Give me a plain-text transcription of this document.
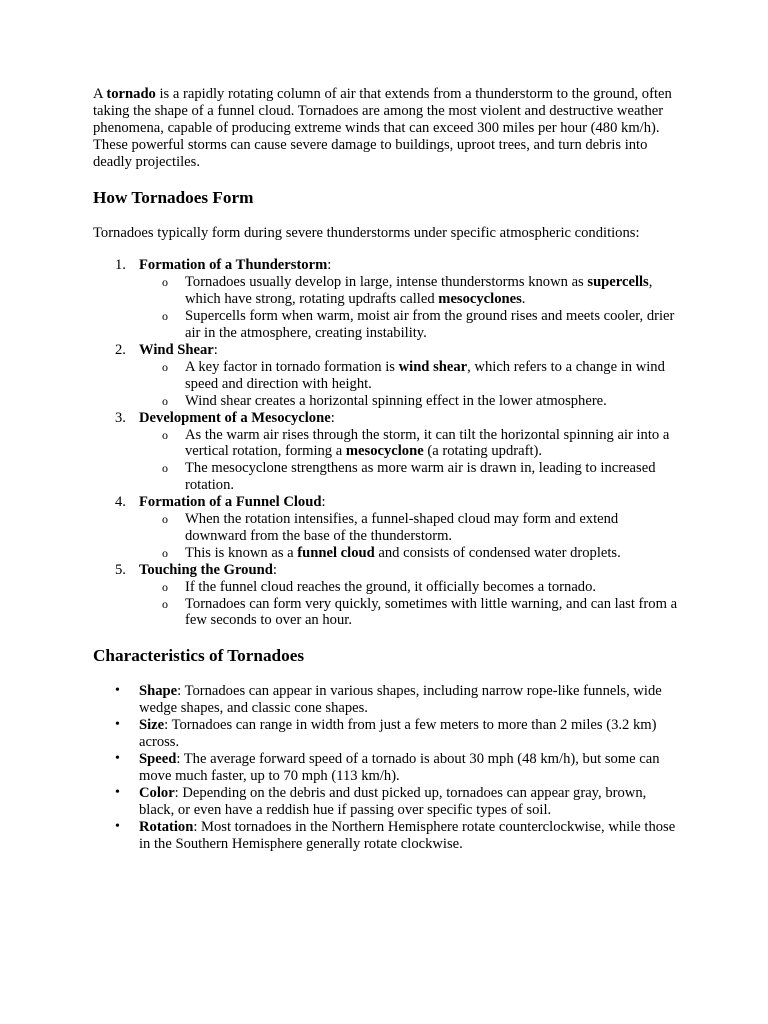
A tornado is a rapidly rotating column of air that extends from a thunderstorm to the ground, often taking the shape of a funnel cloud. Tornadoes are among the most violent and destructive weather phenomena, capable of producing extreme winds that can exceed 300 miles per hour (480 km/h). These powerful storms can cause severe damage to buildings, uproot trees, and turn debris into deadly projectiles.

How Tornadoes Form

Tornadoes typically form during severe thunderstorms under specific atmospheric conditions:

1. Formation of a Thunderstorm:
o Tornadoes usually develop in large, intense thunderstorms known as supercells, which have strong, rotating updrafts called mesocyclones.
o Supercells form when warm, moist air from the ground rises and meets cooler, drier air in the atmosphere, creating instability.
2. Wind Shear:
o A key factor in tornado formation is wind shear, which refers to a change in wind speed and direction with height.
o Wind shear creates a horizontal spinning effect in the lower atmosphere.
3. Development of a Mesocyclone:
o As the warm air rises through the storm, it can tilt the horizontal spinning air into a vertical rotation, forming a mesocyclone (a rotating updraft).
o The mesocyclone strengthens as more warm air is drawn in, leading to increased rotation.
4. Formation of a Funnel Cloud:
o When the rotation intensifies, a funnel-shaped cloud may form and extend downward from the base of the thunderstorm.
o This is known as a funnel cloud and consists of condensed water droplets.
5. Touching the Ground:
o If the funnel cloud reaches the ground, it officially becomes a tornado.
o Tornadoes can form very quickly, sometimes with little warning, and can last from a few seconds to over an hour.
Characteristics of Tornadoes
• Shape: Tornadoes can appear in various shapes, including narrow rope-like funnels, wide wedge shapes, and classic cone shapes.
• Size: Tornadoes can range in width from just a few meters to more than 2 miles (3.2 km) across.
• Speed: The average forward speed of a tornado is about 30 mph (48 km/h), but some can move much faster, up to 70 mph (113 km/h).
• Color: Depending on the debris and dust picked up, tornadoes can appear gray, brown, black, or even have a reddish hue if passing over specific types of soil.
• Rotation: Most tornadoes in the Northern Hemisphere rotate counterclockwise, while those in the Southern Hemisphere generally rotate clockwise.
